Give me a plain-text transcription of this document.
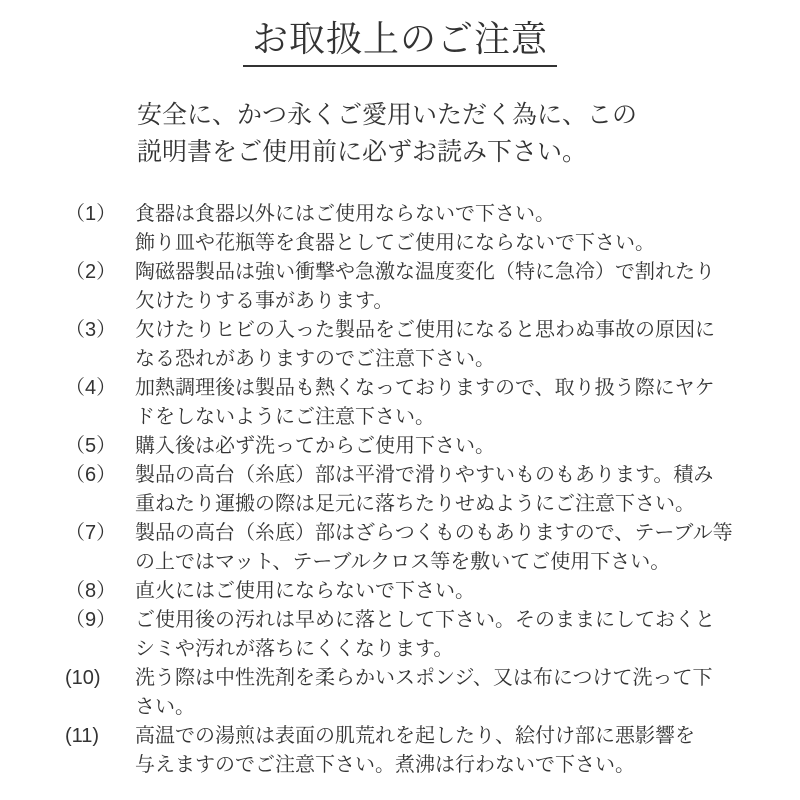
お取扱上のご注意

安全に、かつ永くご愛用いただく為に、この
説明書をご使用前に必ずお読み下さい。

（1） 食器は食器以外にはご使用ならないで下さい。
飾り皿や花瓶等を食器としてご使用にならないで下さい。
（2） 陶磁器製品は強い衝撃や急激な温度変化（特に急冷）で割れたり
欠けたりする事があります。
（3） 欠けたりヒビの入った製品をご使用になると思わぬ事故の原因に
なる恐れがありますのでご注意下さい。
（4） 加熱調理後は製品も熱くなっておりますので、取り扱う際にヤケ
ドをしないようにご注意下さい。
（5） 購入後は必ず洗ってからご使用下さい。
（6） 製品の高台（糸底）部は平滑で滑りやすいものもあります。積み
重ねたり運搬の際は足元に落ちたりせぬようにご注意下さい。
（7） 製品の高台（糸底）部はざらつくものもありますので、テーブル等
の上ではマット、テーブルクロス等を敷いてご使用下さい。
（8） 直火にはご使用にならないで下さい。
（9） ご使用後の汚れは早めに落として下さい。そのままにしておくと
シミや汚れが落ちにくくなります。
(10)	洗う際は中性洗剤を柔らかいスポンジ、又は布につけて洗って下
さい。
(11)	高温での湯煎は表面の肌荒れを起したり、絵付け部に悪影響を
与えますのでご注意下さい。煮沸は行わないで下さい。
